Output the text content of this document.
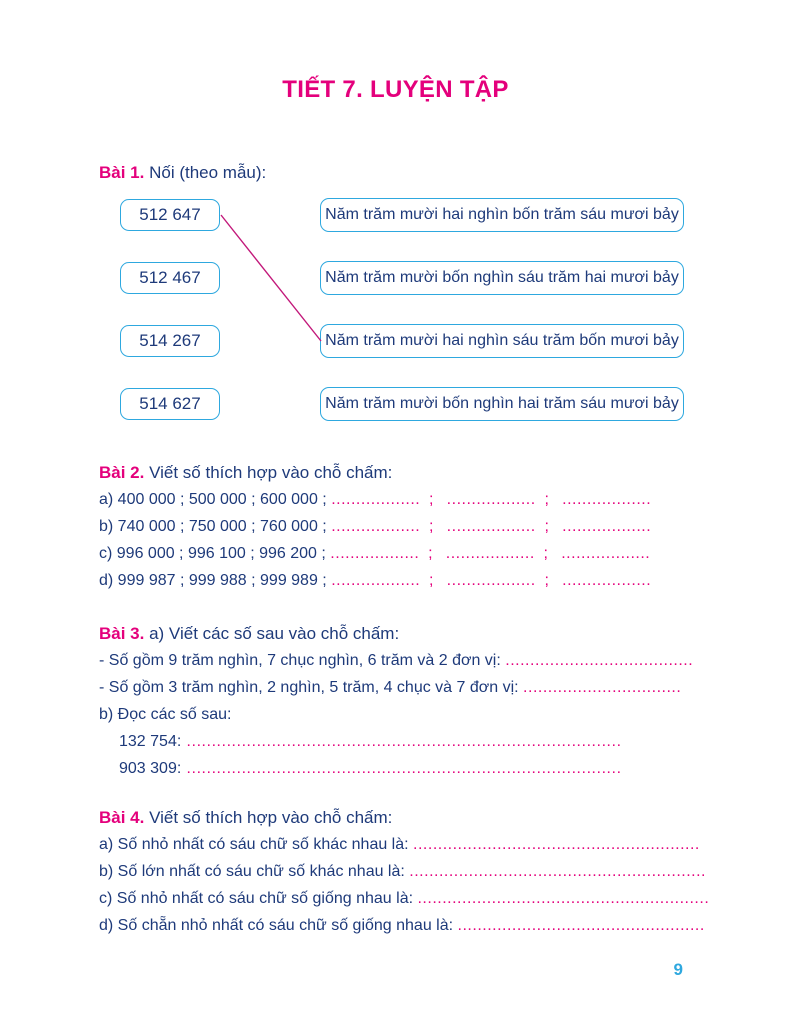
TIẾT 7. LUYỆN TẬP
Bài 1. Nối (theo mẫu):
512 647
512 467
514 267
514 627
Năm trăm mười hai nghìn bốn trăm sáu mươi bảy
Năm trăm mười bốn nghìn sáu trăm hai mươi bảy
Năm trăm mười hai nghìn sáu trăm bốn mươi bảy
Năm trăm mười bốn nghìn hai trăm sáu mươi bảy
Bài 2. Viết số thích hợp vào chỗ chấm:
a) 400 000 ; 500 000 ; 600 000 ; .................. ; .................. ; ..................
b) 740 000 ; 750 000 ; 760 000 ; .................. ; .................. ; ..................
c) 996 000 ; 996 100 ; 996 200 ; .................. ; .................. ; ..................
d) 999 987 ; 999 988 ; 999 989 ; .................. ; .................. ; ..................
Bài 3. a) Viết các số sau vào chỗ chấm:
- Số gồm 9 trăm nghìn, 7 chục nghìn, 6 trăm và 2 đơn vị: ......................................
- Số gồm 3 trăm nghìn, 2 nghìn, 5 trăm, 4 chục và 7 đơn vị: ................................
b) Đọc các số sau:
132 754: ……………………………………………………………………………
903 309: ……………………………………………………………………………
Bài 4. Viết số thích hợp vào chỗ chấm:
a) Số nhỏ nhất có sáu chữ số khác nhau là: ..........................................................
b) Số lớn nhất có sáu chữ số khác nhau là: ............................................................
c) Số nhỏ nhất có sáu chữ số giống nhau là: ...........................................................
d) Số chẵn nhỏ nhất có sáu chữ số giống nhau là: ..................................................
9
